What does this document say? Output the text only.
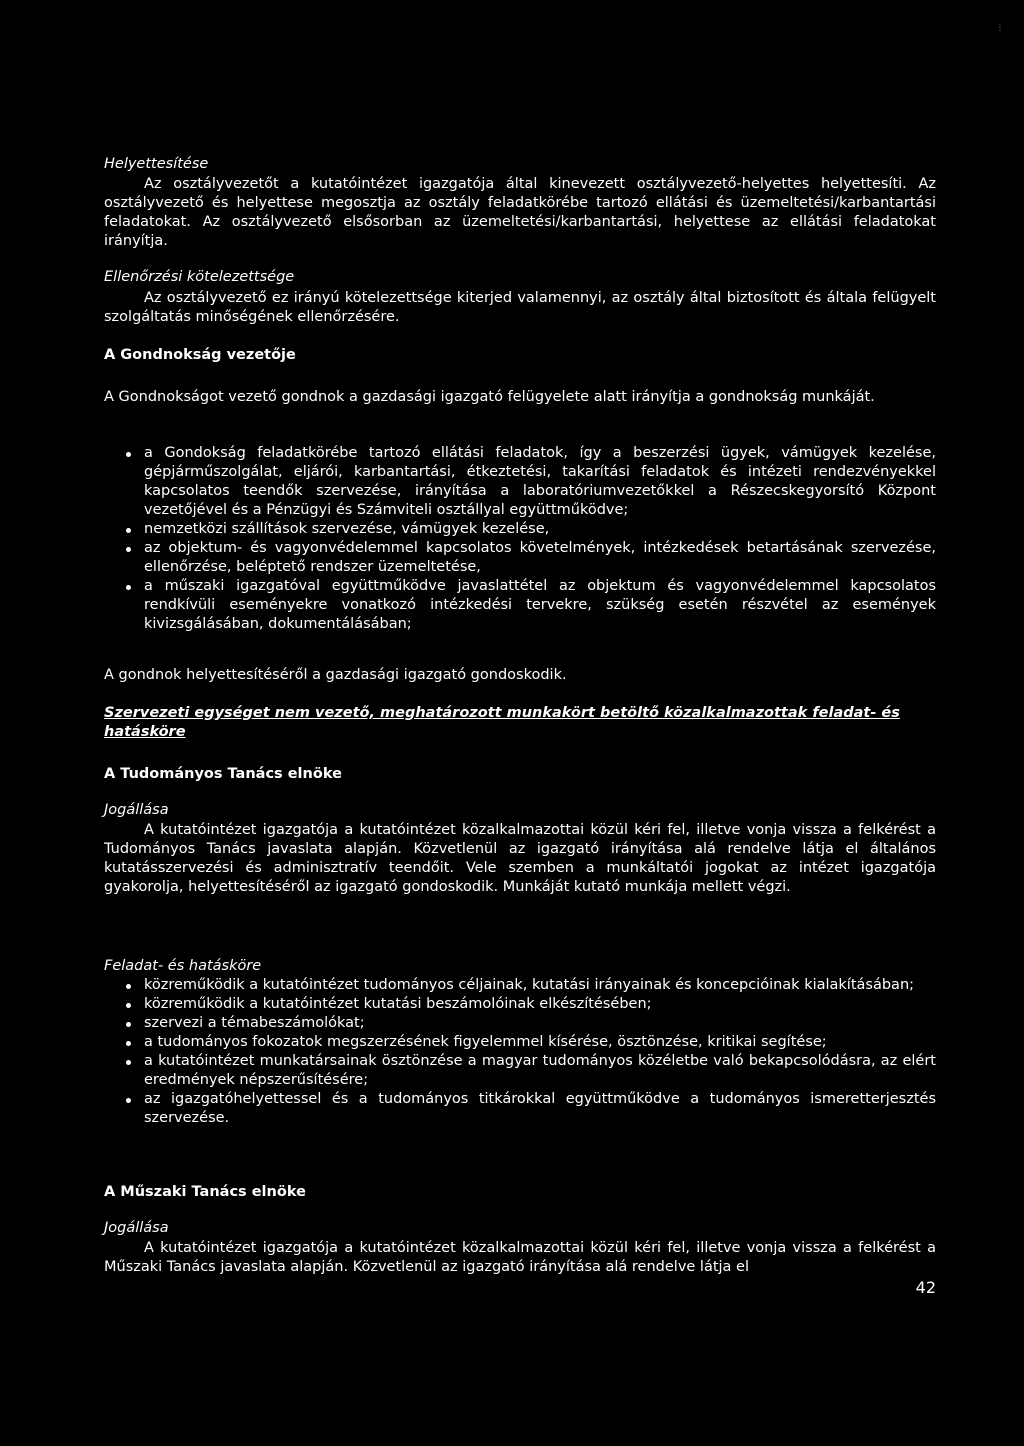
⋮
Helyettesítése
Az osztályvezetőt a kutatóintézet igazgatója által kinevezett osztályvezető-helyettes helyettesíti. Az osztályvezető és helyettese megosztja az osztály feladatkörébe tartozó ellátási és üzemeltetési/karbantartási feladatokat. Az osztályvezető elsősorban az üzemeltetési/karbantartási, helyettese az ellátási feladatokat irányítja.
Ellenőrzési kötelezettsége
Az osztályvezető ez irányú kötelezettsége kiterjed valamennyi, az osztály által biztosított és általa felügyelt szolgáltatás minőségének ellenőrzésére.
A Gondnokság vezetője
A Gondnokságot vezető gondnok a gazdasági igazgató felügyelete alatt irányítja a gondnokság munkáját.
a Gondokság feladatkörébe tartozó ellátási feladatok, így a beszerzési ügyek, vámügyek kezelése, gépjárműszolgálat, eljárói, karbantartási, étkeztetési, takarítási feladatok és intézeti rendezvényekkel kapcsolatos teendők szervezése, irányítása a laboratóriumvezetőkkel a Részecskegyorsító Központ vezetőjével és a Pénzügyi és Számviteli osztállyal együttműködve;
nemzetközi szállítások szervezése, vámügyek kezelése,
az objektum- és vagyonvédelemmel kapcsolatos követelmények, intézkedések betartásának szervezése, ellenőrzése, beléptető rendszer üzemeltetése,
a műszaki igazgatóval együttműködve javaslattétel az objektum és vagyonvédelemmel kapcsolatos rendkívüli eseményekre vonatkozó intézkedési tervekre, szükség esetén részvétel az események kivizsgálásában, dokumentálásában;
A gondnok helyettesítéséről a gazdasági igazgató gondoskodik.
Szervezeti egységet nem vezető, meghatározott munkakört betöltő közalkalmazottak feladat- és hatásköre
A Tudományos Tanács elnöke
Jogállása
A kutatóintézet igazgatója a kutatóintézet közalkalmazottai közül kéri fel, illetve vonja vissza a felkérést a Tudományos Tanács javaslata alapján. Közvetlenül az igazgató irányítása alá rendelve látja el általános kutatásszervezési és adminisztratív teendőit. Vele szemben a munkáltatói jogokat az intézet igazgatója gyakorolja, helyettesítéséről az igazgató gondoskodik. Munkáját kutató munkája mellett végzi.
Feladat- és hatásköre
közreműködik a kutatóintézet tudományos céljainak, kutatási irányainak és koncepcióinak kialakításában;
közreműködik a kutatóintézet kutatási beszámolóinak elkészítésében;
szervezi a témabeszámolókat;
a tudományos fokozatok megszerzésének figyelemmel kísérése, ösztönzése, kritikai segítése;
a kutatóintézet munkatársainak ösztönzése a magyar tudományos közéletbe való bekapcsolódásra, az elért eredmények népszerűsítésére;
az igazgatóhelyettessel és a tudományos titkárokkal együttműködve a tudományos ismeretterjesztés szervezése.
A Műszaki Tanács elnöke
Jogállása
A kutatóintézet igazgatója a kutatóintézet közalkalmazottai közül kéri fel, illetve vonja vissza a felkérést a Műszaki Tanács javaslata alapján. Közvetlenül az igazgató irányítása alá rendelve látja el
42
